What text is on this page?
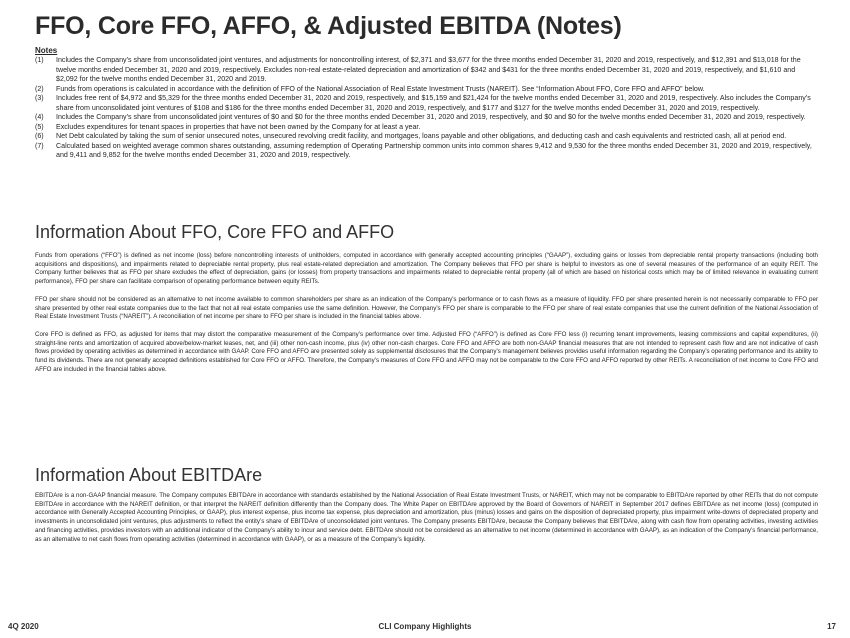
FFO, Core FFO, AFFO, & Adjusted EBITDA (Notes)
Notes
(1)	Includes the Company’s share from unconsolidated joint ventures, and adjustments for noncontrolling interest, of $2,371 and $3,677 for the three months ended December 31, 2020 and 2019, respectively, and $12,391 and $13,018 for the twelve months ended December 31, 2020 and 2019, respectively. Excludes non-real estate-related depreciation and amortization of $342 and $431 for the three months ended December 31, 2020 and 2019, respectively, and $1,610 and $2,092 for the twelve months ended December 31, 2020 and 2019.
(2)	Funds from operations is calculated in accordance with the definition of FFO of the National Association of Real Estate Investment Trusts (NAREIT). See “Information About FFO, Core FFO and AFFO” below.
(3)	Includes free rent of $4,972 and $5,329 for the three months ended December 31, 2020 and 2019, respectively, and $15,159 and $21,424 for the twelve months ended December 31, 2020 and 2019, respectively. Also includes the Company’s share from unconsolidated joint ventures of $108 and $186 for the three months ended December 31, 2020 and 2019, respectively, and $177 and $127 for the twelve months ended December 31, 2020 and 2019, respectively.
(4)	Includes the Company’s share from unconsolidated joint ventures of $0 and $0 for the three months ended December 31, 2020 and 2019, respectively, and $0 and $0 for the twelve months ended December 31, 2020 and 2019, respectively.
(5)	Excludes expenditures for tenant spaces in properties that have not been owned by the Company for at least a year.
(6)	Net Debt calculated by taking the sum of senior unsecured notes, unsecured revolving credit facility, and mortgages, loans payable and other obligations, and deducting cash and cash equivalents and restricted cash, all at period end.
(7)	Calculated based on weighted average common shares outstanding, assuming redemption of Operating Partnership common units into common shares 9,412 and 9,530 for the three months ended December 31, 2020 and 2019, respectively, and 9,411 and 9,852 for the twelve months ended December 31, 2020 and 2019, respectively.
Information About FFO, Core FFO and AFFO

Funds from operations (“FFO”) is defined as net income (loss) before noncontrolling interests of unitholders, computed in accordance with generally accepted accounting principles (“GAAP”), excluding gains or losses from depreciable rental property transactions (including both acquisitions and dispositions), and impairments related to depreciable rental property, plus real estate-related depreciation and amortization. The Company believes that FFO per share is helpful to investors as one of several measures of the performance of an equity REIT. The Company further believes that as FFO per share excludes the effect of depreciation, gains (or losses) from property transactions and impairments related to depreciable rental property (all of which are based on historical costs which may be of limited relevance in evaluating current performance), FFO per share can facilitate comparison of operating performance between equity REITs.

FFO per share should not be considered as an alternative to net income available to common shareholders per share as an indication of the Company’s performance or to cash flows as a measure of liquidity. FFO per share presented herein is not necessarily comparable to FFO per share presented by other real estate companies due to the fact that not all real estate companies use the same definition. However, the Company’s FFO per share is comparable to the FFO per share of real estate companies that use the current definition of the National Association of Real Estate Investment Trusts (“NAREIT”). A reconciliation of net income per share to FFO per share is included in the financial tables above.

Core FFO is defined as FFO, as adjusted for items that may distort the comparative measurement of the Company’s performance over time. Adjusted FFO (“AFFO”) is defined as Core FFO less (i) recurring tenant improvements, leasing commissions and capital expenditures, (ii) straight-line rents and amortization of acquired above/below-market leases, net, and (iii) other non-cash income, plus (iv) other non-cash charges. Core FFO and AFFO are both non-GAAP financial measures that are not intended to represent cash flow and are not indicative of cash flows provided by operating activities as determined in accordance with GAAP. Core FFO and AFFO are presented solely as supplemental disclosures that the Company’s management believes provides useful information regarding the Company’s operating performance and its ability to fund its dividends. There are not generally accepted definitions established for Core FFO or AFFO. Therefore, the Company’s measures of Core FFO and AFFO may not be comparable to the Core FFO and AFFO reported by other REITs. A reconciliation of net income to Core FFO and AFFO are included in the financial tables above.

Information About EBITDAre

EBITDAre is a non-GAAP financial measure. The Company computes EBITDAre in accordance with standards established by the National Association of Real Estate Investment Trusts, or NAREIT, which may not be comparable to EBITDAre reported by other REITs that do not compute EBITDAre in accordance with the NAREIT definition, or that interpret the NAREIT definition differently than the Company does. The White Paper on EBITDAre approved by the Board of Governors of NAREIT in September 2017 defines EBITDAre as net income (loss) (computed in accordance with Generally Accepted Accounting Principles, or GAAP), plus interest expense, plus income tax expense, plus depreciation and amortization, plus (minus) losses and gains on the disposition of depreciated property, plus impairment write-downs of depreciated property and investments in unconsolidated joint ventures, plus adjustments to reflect the entity’s share of EBITDAre of unconsolidated joint ventures. The Company presents EBITDAre, because the Company believes that EBITDAre, along with cash flow from operating activities, investing activities and financing activities, provides investors with an additional indicator of the Company’s ability to incur and service debt. EBITDAre should not be considered as an alternative to net income (determined in accordance with GAAP), as an indication of the Company’s financial performance, as an alternative to net cash flows from operating activities (determined in accordance with GAAP), or as a measure of the Company’s liquidity.

4Q 2020	CLI Company Highlights	17
